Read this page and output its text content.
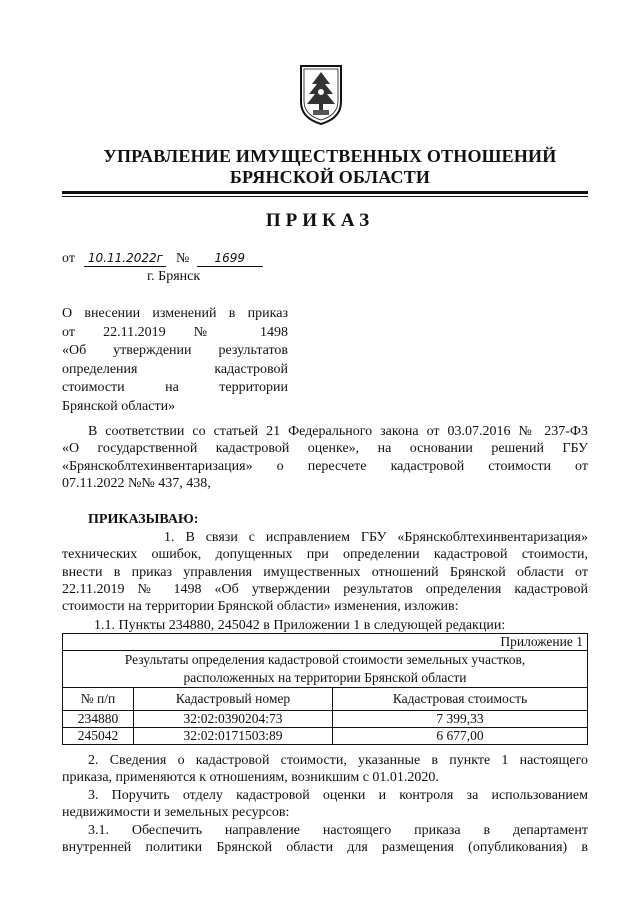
УПРАВЛЕНИЕ ИМУЩЕСТВЕННЫХ ОТНОШЕНИЙ
БРЯНСКОЙ ОБЛАСТИ
ПРИКАЗ
от 10.11.2022г № 1699
г. Брянск
О внесении изменений в приказ
от 22.11.2019 № 1498
«Об утверждении результатов
определения кадастровой
стоимости на территории
Брянской области»
В соответствии со статьей 21 Федерального закона от 03.07.2016 № 237-ФЗ
«О государственной кадастровой оценке», на основании решений ГБУ
«Брянскоблтехинвентаризация» о пересчете кадастровой стоимости от
07.11.2022 №№ 437, 438,
ПРИКАЗЫВАЮ:
1. В связи с исправлением ГБУ «Брянскоблтехинвентаризация»
технических ошибок, допущенных при определении кадастровой стоимости,
внести в приказ управления имущественных отношений Брянской области от
22.11.2019 № 1498 «Об утверждении результатов определения кадастровой
стоимости на территории Брянской области» изменения, изложив:
1.1. Пункты 234880, 245042 в Приложении 1 в следующей редакции:
Приложение 1		
Результаты определения кадастровой стоимости земельных участков,
расположенных на территории Брянской области		
№ п/п	Кадастровый номер	Кадастровая стоимость
234880	32:02:0390204:73	7 399,33
245042	32:02:0171503:89	6 677,00
2. Сведения о кадастровой стоимости, указанные в пункте 1 настоящего
приказа, применяются к отношениям, возникшим с 01.01.2020.
3. Поручить отделу кадастровой оценки и контроля за использованием
недвижимости и земельных ресурсов:
3.1. Обеспечить направление настоящего приказа в департамент
внутренней политики Брянской области для размещения (опубликования) в
